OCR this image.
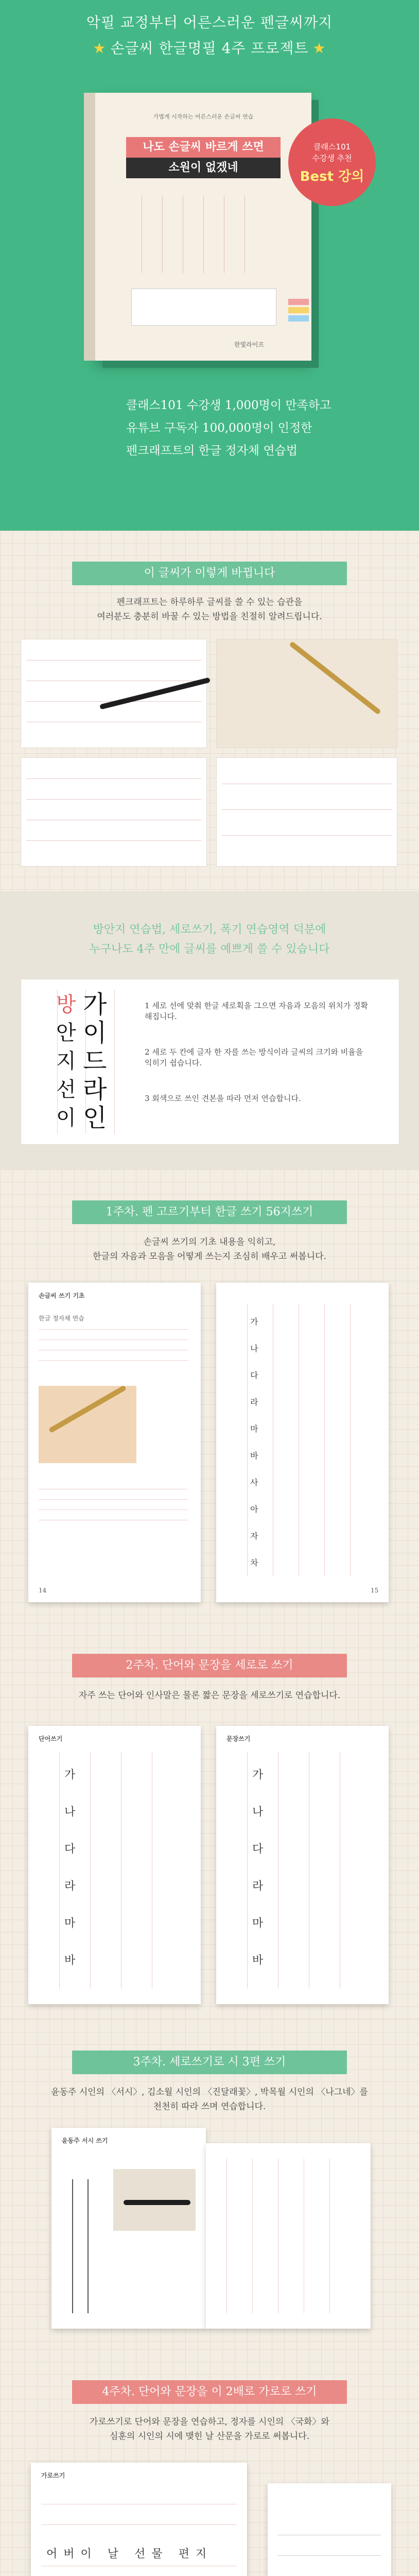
악필 교정부터 어른스러운 펜글씨까지
★ 손글씨 한글명필 4주 프로젝트 ★
가볍게 시작하는 어른스러운 손글씨 연습
나도 손글씨 바르게 쓰면
소원이 없겠네
한빛라이프
클래스101
수강생 추천
Best 강의
클래스101 수강생 1,000명이 만족하고
유튜브 구독자 100,000명이 인정한
펜크래프트의 한글 정자체 연습법
이 글씨가 이렇게 바뀝니다
펜크래프트는 하루하루 글씨를 쓸 수 있는 습관을
여러분도 충분히 바꿀 수 있는 방법을 친절히 알려드립니다.
방안지 연습법, 세로쓰기, 폭기 연습영역 덕분에
누구나도 4주 만에 글씨를 예쁘게 쓸 수 있습니다
가
이
드
라
인
방
안
지
선
이
1 세로 선에 맞춰 한글 세로획을 그으면 자음과 모음의 위치가 정확해집니다.
2 세로 두 칸에 글자 한 자를 쓰는 방식이라 글씨의 크기와 비율을 익히기 쉽습니다.
3 회색으로 쓰인 견본을 따라 먼저 연습합니다.
1주차. 펜 고르기부터 한글 쓰기 56지쓰기
손글씨 쓰기의 기초 내용을 익히고,
한글의 자음과 모음을 어떻게 쓰는지 조심히 배우고 써봅니다.
손글씨 쓰기 기초
한글 정자체 연습
14
가
나
다
라
마
바
사
아
자
차
15
2주차. 단어와 문장을 세로로 쓰기
자주 쓰는 단어와 인사말은 물론 짧은 문장을 세로쓰기로 연습합니다.
단어쓰기
가
나
다
라
마
바
문장쓰기
가
나
다
라
마
바
3주차. 세로쓰기로 시 3편 쓰기
윤동주 시인의 〈서시〉, 김소월 시인의 〈진달래꽃〉, 박목월 시인의 〈나그네〉를
천천히 따라 쓰며 연습합니다.
윤동주 서시 쓰기
4주차. 단어와 문장을 이 2배로 가로로 쓰기
가로쓰기로 단어와 문장을 연습하고, 정자를 시인의 〈국화〉와
심훈의 시인의 시에 맺힌 날 산문을 가로로 써봅니다.
가로쓰기
어버이 날 선물 편지
